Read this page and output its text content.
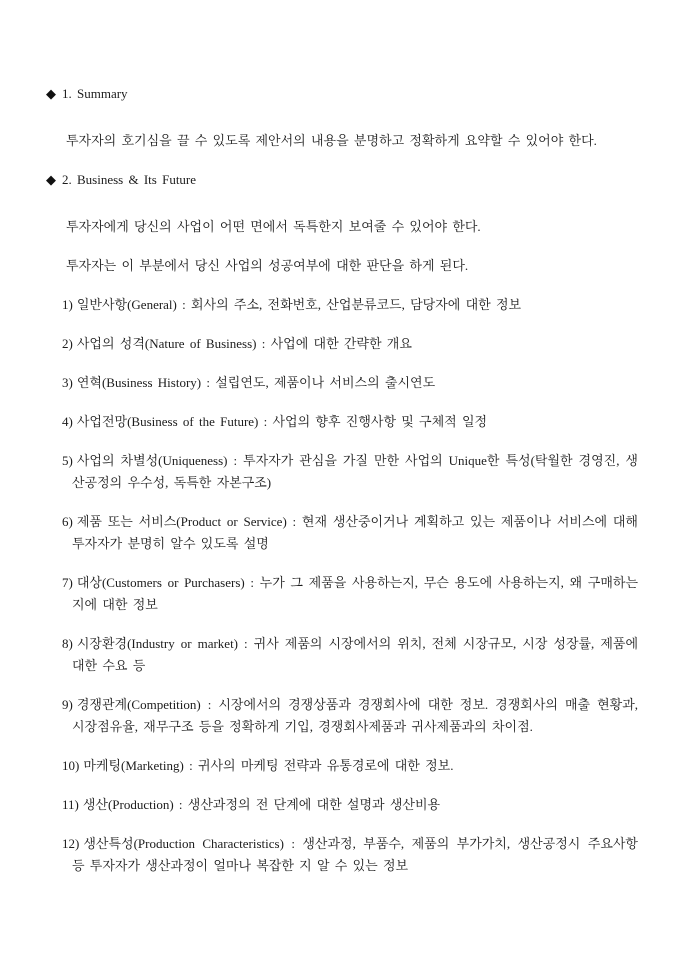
◆ 1. Summary

투자자의 호기심을 끌 수 있도록 제안서의 내용을 분명하고 정확하게 요약할 수 있어야 한다.

◆ 2. Business & Its Future

투자자에게 당신의 사업이 어떤 면에서 독특한지 보여줄 수 있어야 한다.

투자자는 이 부분에서 당신 사업의 성공여부에 대한 판단을 하게 된다.

1) 일반사항(General) : 회사의 주소, 전화번호, 산업분류코드, 담당자에 대한 정보
2) 사업의 성격(Nature of Business) : 사업에 대한 간략한 개요
3) 연혁(Business History) : 설립연도, 제품이나 서비스의 출시연도
4) 사업전망(Business of the Future) : 사업의 향후 진행사항 및 구체적 일정
5) 사업의 차별성(Uniqueness) : 투자자가 관심을 가질 만한 사업의 Unique한 특성(탁월한 경영진, 생산공정의 우수성, 독특한 자본구조)
6) 제품 또는 서비스(Product or Service) : 현재 생산중이거나 계획하고 있는 제품이나 서비스에 대해 투자자가 분명히 알수 있도록 설명
7) 대상(Customers or Purchasers) : 누가 그 제품을 사용하는지, 무슨 용도에 사용하는지, 왜 구매하는 지에 대한 정보
8) 시장환경(Industry or market) : 귀사 제품의 시장에서의 위치, 전체 시장규모, 시장 성장률, 제품에 대한 수요 등
9) 경쟁관계(Competition) : 시장에서의 경쟁상품과 경쟁회사에 대한 정보. 경쟁회사의 매출 현황과, 시장점유율, 재무구조 등을 정확하게 기입, 경쟁회사제품과 귀사제품과의 차이점.
10) 마케팅(Marketing) : 귀사의 마케팅 전략과 유통경로에 대한 정보.
11) 생산(Production) : 생산과정의 전 단계에 대한 설명과 생산비용
12) 생산특성(Production Characteristics) : 생산과정, 부품수, 제품의 부가가치, 생산공정시 주요사항 등 투자자가 생산과정이 얼마나 복잡한 지 알 수 있는 정보
